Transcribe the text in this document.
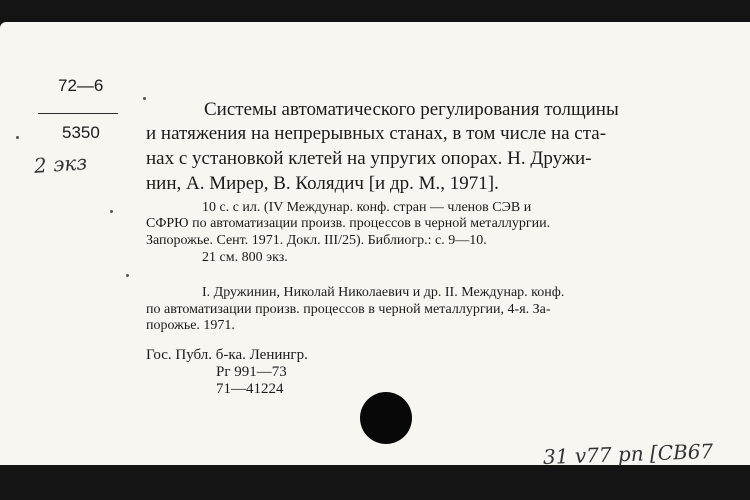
72—6
5350
2 экз
Системы автоматического регулирования толщины
и натяжения на непрерывных станах, в том числе на ста-
нах с установкой клетей на упругих опорах. Н. Дружи-
нин, А. Мирер, В. Колядич [и др. М., 1971].
10 с. с ил. (IV Междунар. конф. стран — членов СЭВ и
СФРЮ по автоматизации произв. процессов в черной металлургии.
Запорожье. Сент. 1971. Докл. III/25). Библиогр.: с. 9—10.
21 см. 800 экз.
I. Дружинин, Николай Николаевич и др. II. Междунар. конф.
по автоматизации произв. процессов в черной металлургии, 4-я. За-
порожье. 1971.
Гос. Публ. б-ка. Ленингр.
Рг 991—73
71—41224
31 v77 pn [СВ67
